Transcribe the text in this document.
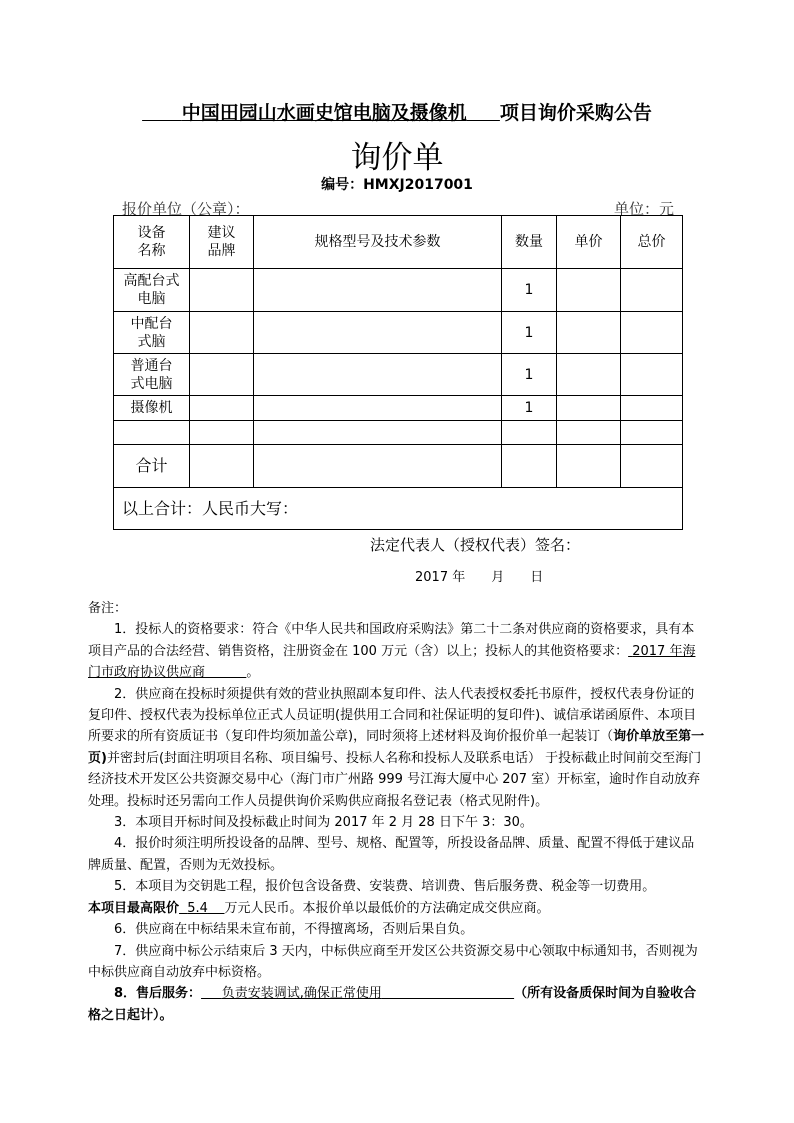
中国田园山水画史馆电脑及摄像机 项目询价采购公告
询价单
编号：HMXJ2017001
报价单位（公章）：	单位：元
设备名称	建议品牌	规格型号及技术参数	数量	单价	总价

高配台式电脑			1		

中配台式脑			1		

普通台式电脑			1		
摄像机			1		

合计					
以上合计：人民币大写：					
法定代表人（授权代表）签名：
2017 年　　月　　日

备注：

1．投标人的资格要求：符合《中华人民共和国政府采购法》第二十二条对供应商的资格要求，具有本项目产品的合法经营、销售资格，注册资金在 100 万元（含）以上；投标人的其他资格要求： 2017 年海门市政府协议供应商	。

2．供应商在投标时须提供有效的营业执照副本复印件、法人代表授权委托书原件，授权代表身份证的复印件、授权代表为投标单位正式人员证明(提供用工合同和社保证明的复印件)、诚信承诺函原件、本项目所要求的所有资质证书（复印件均须加盖公章)，同时须将上述材料及询价报价单一起装订（询价单放至第一页)并密封后(封面注明项目名称、项目编号、投标人名称和投标人及联系电话） 于投标截止时间前交至海门经济技术开发区公共资源交易中心（海门市广州路 999 号江海大厦中心 207 室）开标室，逾时作自动放弃处理。投标时还另需向工作人员提供询价采购供应商报名登记表（格式见附件)。

3．本项目开标时间及投标截止时间为 2017 年 2 月 28 日下午 3：30。

4．报价时须注明所投设备的品牌、型号、规格、配置等，所投设备品牌、质量、配置不得低于建议品牌质量、配置，否则为无效投标。

5．本项目为交钥匙工程，报价包含设备费、安装费、培训费、售后服务费、税金等一切费用。

本项目最高限价 5.4 万元人民币。本报价单以最低价的方法确定成交供应商。

6．供应商在中标结果未宣布前，不得擅离场，否则后果自负。

7．供应商中标公示结束后 3 天内，中标供应商至开发区公共资源交易中心领取中标通知书，否则视为中标供应商自动放弃中标资格。

8．售后服务： 负责安装调试,确保正常使用	（所有设备质保时间为自验收合格之日起计）。
